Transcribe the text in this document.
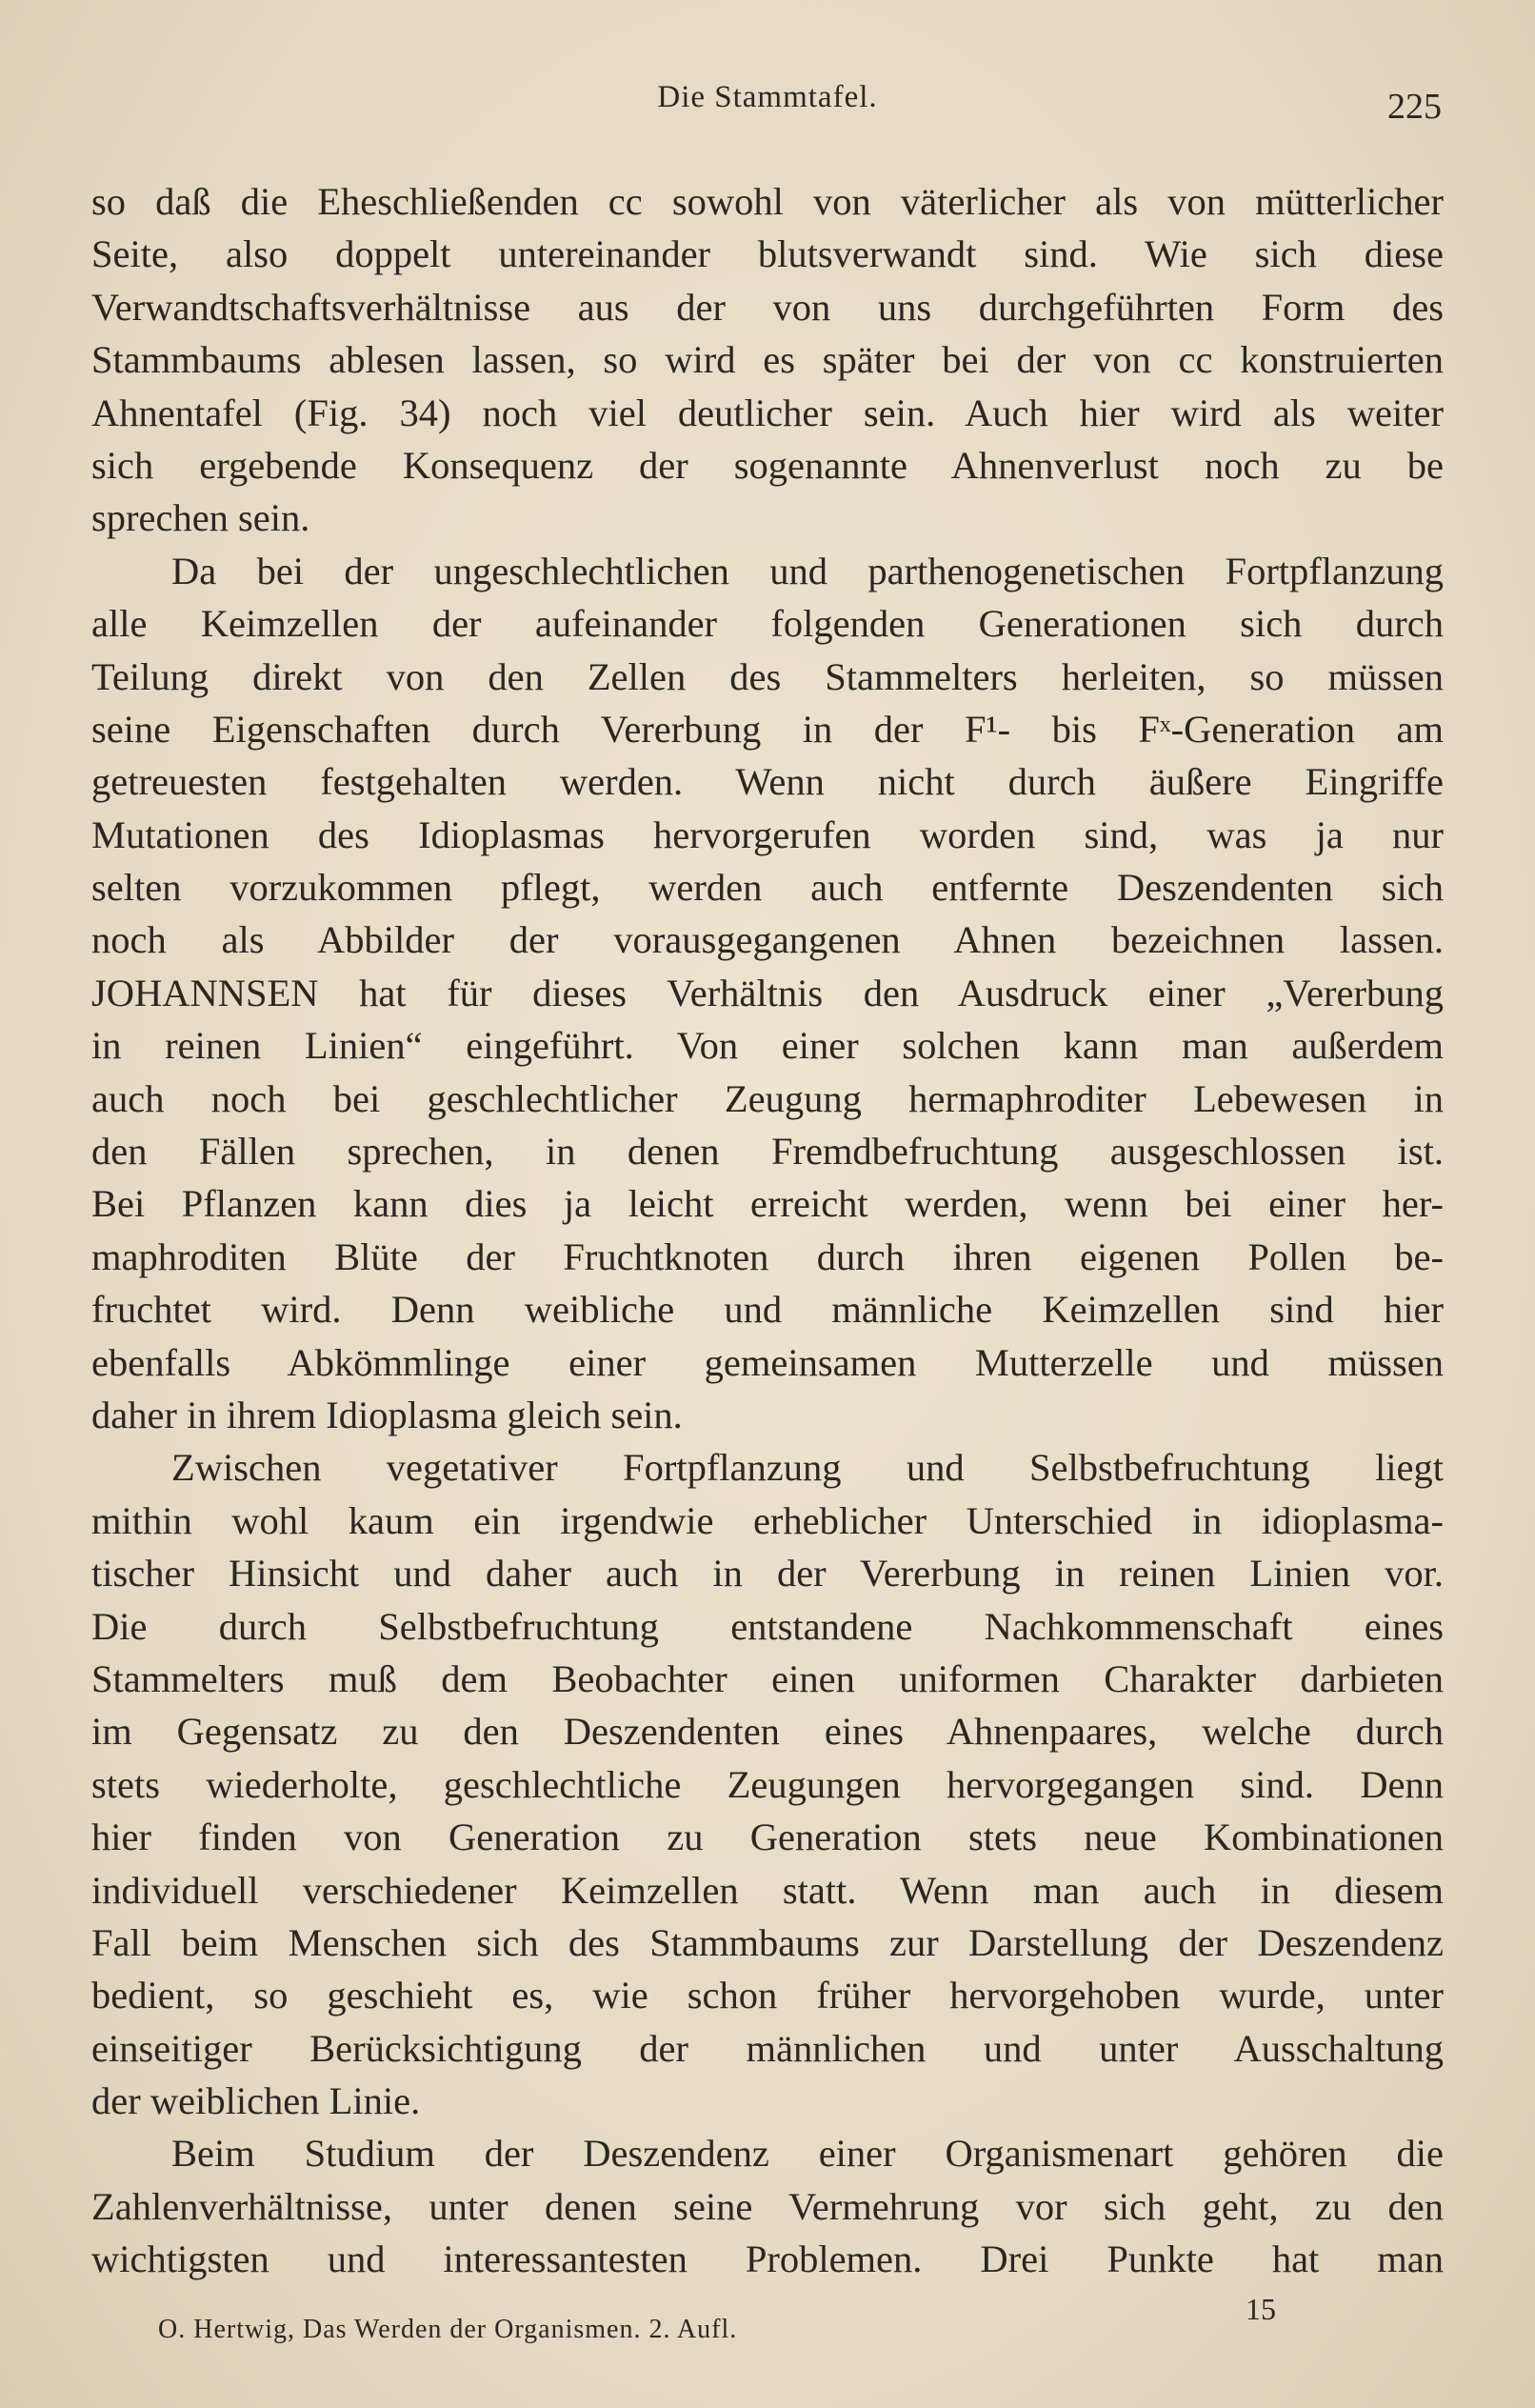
Die Stammtafel.	225
so daß die Eheschließenden cc sowohl von väterlicher als von mütterlicher
Seite, also doppelt untereinander blutsverwandt sind. Wie sich diese
Verwandtschaftsverhältnisse aus der von uns durchgeführten Form des
Stammbaums ablesen lassen, so wird es später bei der von cc konstruierten
Ahnentafel (Fig. 34) noch viel deutlicher sein. Auch hier wird als weiter
sich ergebende Konsequenz der sogenannte Ahnenverlust noch zu be
sprechen sein.
Da bei der ungeschlechtlichen und parthenogenetischen Fortpflanzung
alle Keimzellen der aufeinander folgenden Generationen sich durch
Teilung direkt von den Zellen des Stammelters herleiten, so müssen
seine Eigenschaften durch Vererbung in der F¹- bis Fˣ-Generation am
getreuesten festgehalten werden. Wenn nicht durch äußere Eingriffe
Mutationen des Idioplasmas hervorgerufen worden sind, was ja nur
selten vorzukommen pflegt, werden auch entfernte Deszendenten sich
noch als Abbilder der vorausgegangenen Ahnen bezeichnen lassen.
JOHANNSEN hat für dieses Verhältnis den Ausdruck einer „Vererbung
in reinen Linien“ eingeführt. Von einer solchen kann man außerdem
auch noch bei geschlechtlicher Zeugung hermaphroditer Lebewesen in
den Fällen sprechen, in denen Fremdbefruchtung ausgeschlossen ist.
Bei Pflanzen kann dies ja leicht erreicht werden, wenn bei einer her-
maphroditen Blüte der Fruchtknoten durch ihren eigenen Pollen be-
fruchtet wird. Denn weibliche und männliche Keimzellen sind hier
ebenfalls Abkömmlinge einer gemeinsamen Mutterzelle und müssen
daher in ihrem Idioplasma gleich sein.
Zwischen vegetativer Fortpflanzung und Selbstbefruchtung liegt
mithin wohl kaum ein irgendwie erheblicher Unterschied in idioplasma-
tischer Hinsicht und daher auch in der Vererbung in reinen Linien vor.
Die durch Selbstbefruchtung entstandene Nachkommenschaft eines
Stammelters muß dem Beobachter einen uniformen Charakter darbieten
im Gegensatz zu den Deszendenten eines Ahnenpaares, welche durch
stets wiederholte, geschlechtliche Zeugungen hervorgegangen sind. Denn
hier finden von Generation zu Generation stets neue Kombinationen
individuell verschiedener Keimzellen statt. Wenn man auch in diesem
Fall beim Menschen sich des Stammbaums zur Darstellung der Deszendenz
bedient, so geschieht es, wie schon früher hervorgehoben wurde, unter
einseitiger Berücksichtigung der männlichen und unter Ausschaltung
der weiblichen Linie.
Beim Studium der Deszendenz einer Organismenart gehören die
Zahlenverhältnisse, unter denen seine Vermehrung vor sich geht, zu den
wichtigsten und interessantesten Problemen. Drei Punkte hat man
O. Hertwig, Das Werden der Organismen. 2. Aufl.
15
